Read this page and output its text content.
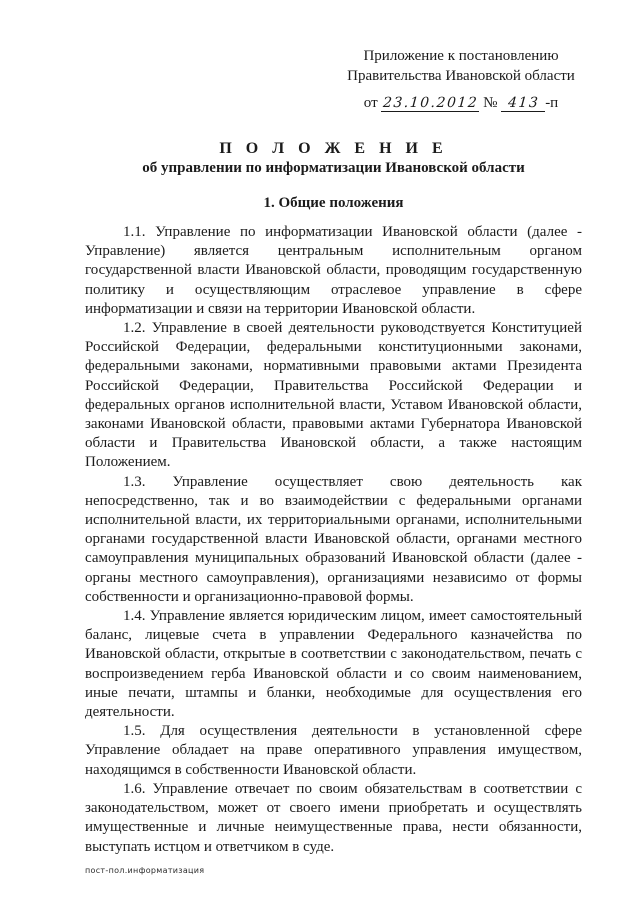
Приложение к постановлению
Правительства Ивановской области
от 23.10.2012 № 413 -п
П О Л О Ж Е Н И Е
об управлении по информатизации Ивановской области
1. Общие положения

1.1. Управление по информатизации Ивановской области (далее - Управление) является центральным исполнительным органом государственной власти Ивановской области, проводящим государственную политику и осуществляющим отраслевое управление в сфере информатизации и связи на территории Ивановской области.

1.2. Управление в своей деятельности руководствуется Конституцией Российской Федерации, федеральными конституционными законами, федеральными законами, нормативными правовыми актами Президента Российской Федерации, Правительства Российской Федерации и федеральных органов исполнительной власти, Уставом Ивановской области, законами Ивановской области, правовыми актами Губернатора Ивановской области и Правительства Ивановской области, а также настоящим Положением.

1.3. Управление осуществляет свою деятельность как непосредственно, так и во взаимодействии с федеральными органами исполнительной власти, их территориальными органами, исполнительными органами государственной власти Ивановской области, органами местного самоуправления муниципальных образований Ивановской области (далее - органы местного самоуправления), организациями независимо от формы собственности и организационно-правовой формы.

1.4. Управление является юридическим лицом, имеет самостоятельный баланс, лицевые счета в управлении Федерального казначейства по Ивановской области, открытые в соответствии с законодательством, печать с воспроизведением герба Ивановской области и со своим наименованием, иные печати, штампы и бланки, необходимые для осуществления его деятельности.

1.5. Для осуществления деятельности в установленной сфере Управление обладает на праве оперативного управления имуществом, находящимся в собственности Ивановской области.

1.6. Управление отвечает по своим обязательствам в соответствии с законодательством, может от своего имени приобретать и осуществлять имущественные и личные неимущественные права, нести обязанности, выступать истцом и ответчиком в суде.

пост-пол.информатизация
